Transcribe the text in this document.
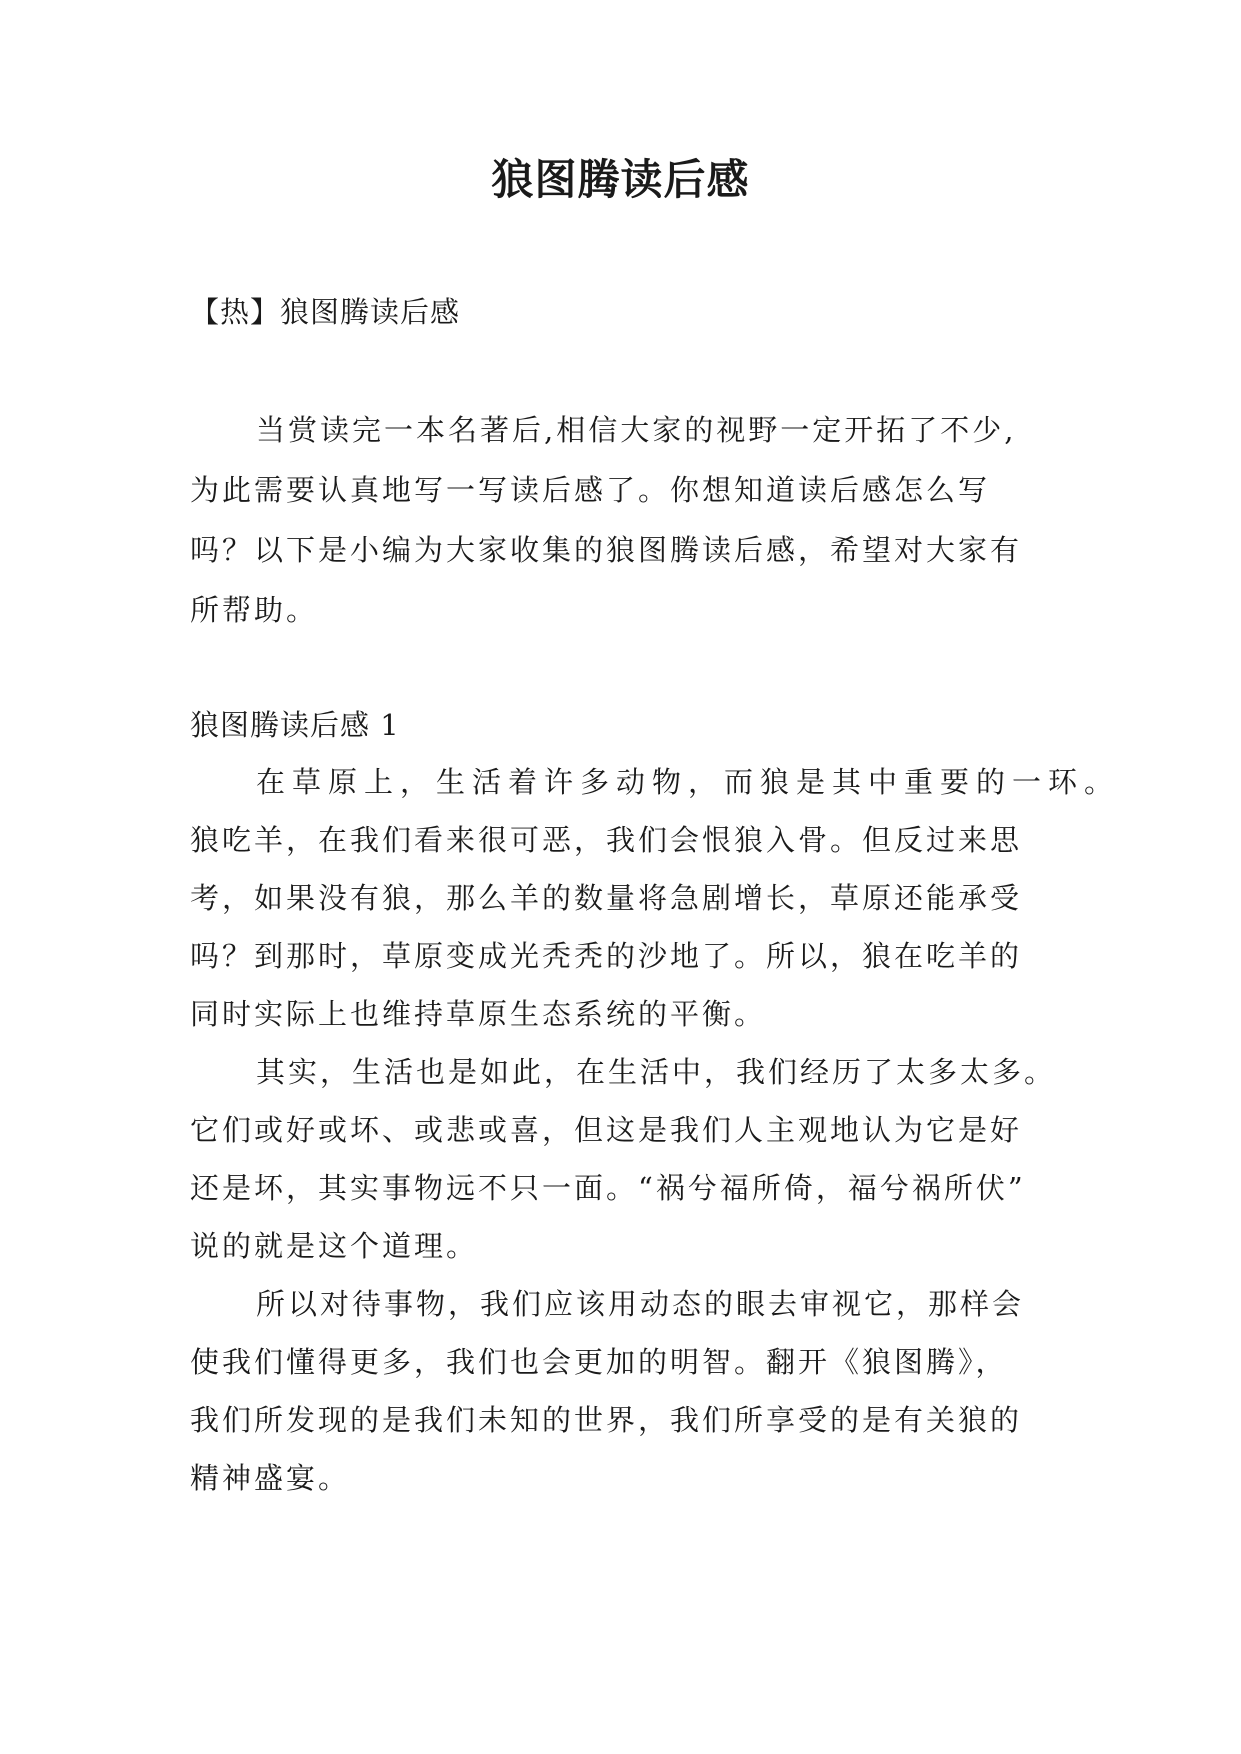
狼图腾读后感
【热】狼图腾读后感
当赏读完一本名著后,相信大家的视野一定开拓了不少,
为此需要认真地写一写读后感了。你想知道读后感怎么写
吗？以下是小编为大家收集的狼图腾读后感，希望对大家有
所帮助。
狼图腾读后感 1
在草原上，生活着许多动物，而狼是其中重要的一环。
狼吃羊，在我们看来很可恶，我们会恨狼入骨。但反过来思
考，如果没有狼，那么羊的数量将急剧增长，草原还能承受
吗？到那时，草原变成光秃秃的沙地了。所以，狼在吃羊的
同时实际上也维持草原生态系统的平衡。
其实，生活也是如此，在生活中，我们经历了太多太多。
它们或好或坏、或悲或喜，但这是我们人主观地认为它是好
还是坏，其实事物远不只一面。“祸兮福所倚，福兮祸所伏”
说的就是这个道理。
所以对待事物，我们应该用动态的眼去审视它，那样会
使我们懂得更多，我们也会更加的明智。翻开《狼图腾》，
我们所发现的是我们未知的世界，我们所享受的是有关狼的
精神盛宴。
